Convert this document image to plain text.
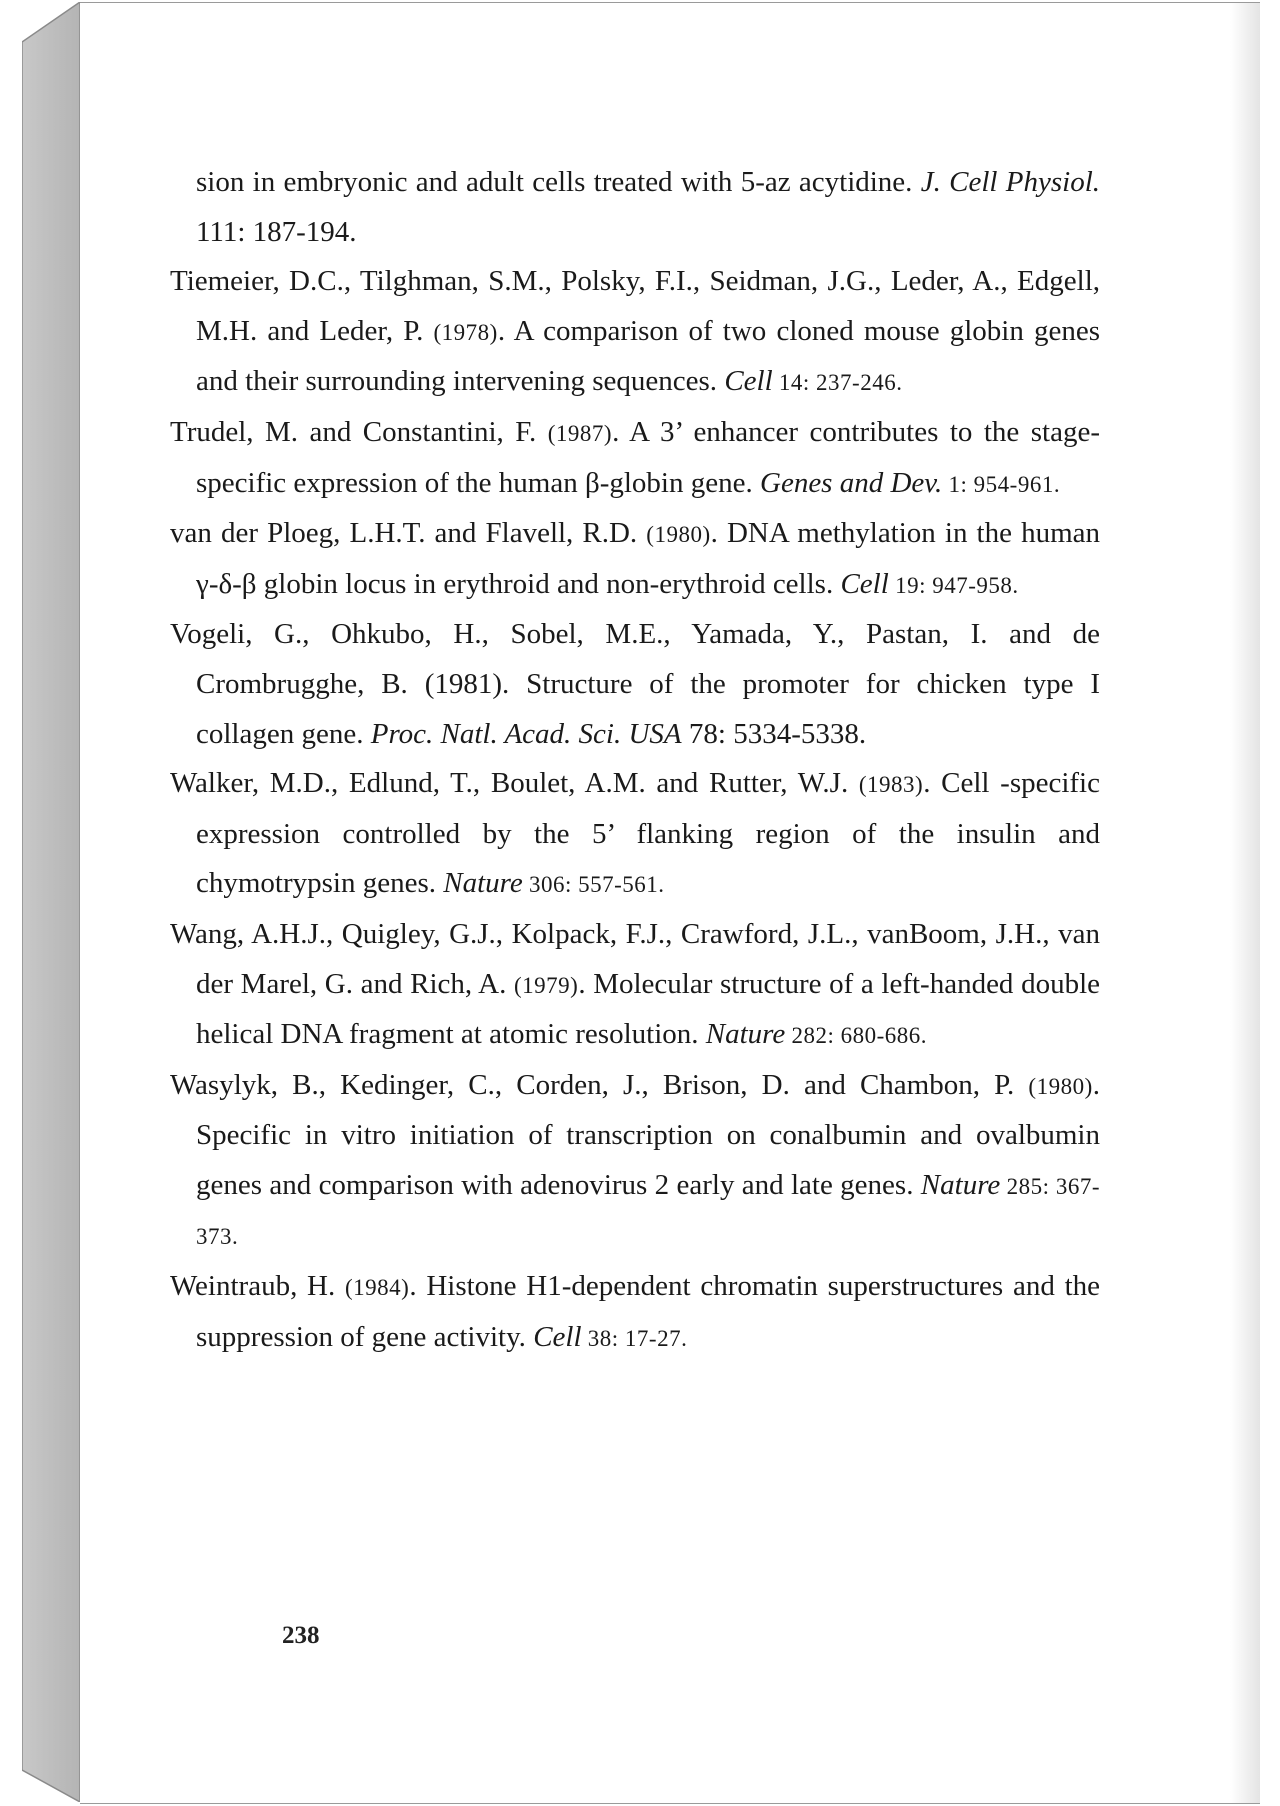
sion in embryonic and adult cells treated with 5-az acytidine. J. Cell Physiol. 111: 187-194.

Tiemeier, D.C., Tilghman, S.M., Polsky, F.I., Seidman, J.G., Leder, A., Edgell, M.H. and Leder, P. (1978). A comparison of two cloned mouse globin genes and their surrounding intervening sequences. Cell 14: 237-246.

Trudel, M. and Constantini, F. (1987). A 3’ enhancer contributes to the stage-specific expression of the human β-globin gene. Genes and Dev. 1: 954-961.

van der Ploeg, L.H.T. and Flavell, R.D. (1980). DNA methylation in the human γ-δ-β globin locus in erythroid and non-erythroid cells. Cell 19: 947-958.

Vogeli, G., Ohkubo, H., Sobel, M.E., Yamada, Y., Pastan, I. and de Crombrugghe, B. (1981). Structure of the promoter for chicken type I collagen gene. Proc. Natl. Acad. Sci. USA 78: 5334-5338.

Walker, M.D., Edlund, T., Boulet, A.M. and Rutter, W.J. (1983). Cell -specific expression controlled by the 5’ flanking region of the insulin and chymotrypsin genes. Nature 306: 557-561.

Wang, A.H.J., Quigley, G.J., Kolpack, F.J., Crawford, J.L., vanBoom, J.H., van der Marel, G. and Rich, A. (1979). Molecular structure of a left-handed double helical DNA fragment at atomic resolution. Nature 282: 680-686.

Wasylyk, B., Kedinger, C., Corden, J., Brison, D. and Chambon, P. (1980). Specific in vitro initiation of transcription on conalbumin and ovalbumin genes and comparison with adenovirus 2 early and late genes. Nature 285: 367-373.

Weintraub, H. (1984). Histone H1-dependent chromatin superstructures and the suppression of gene activity. Cell 38: 17-27.

238
